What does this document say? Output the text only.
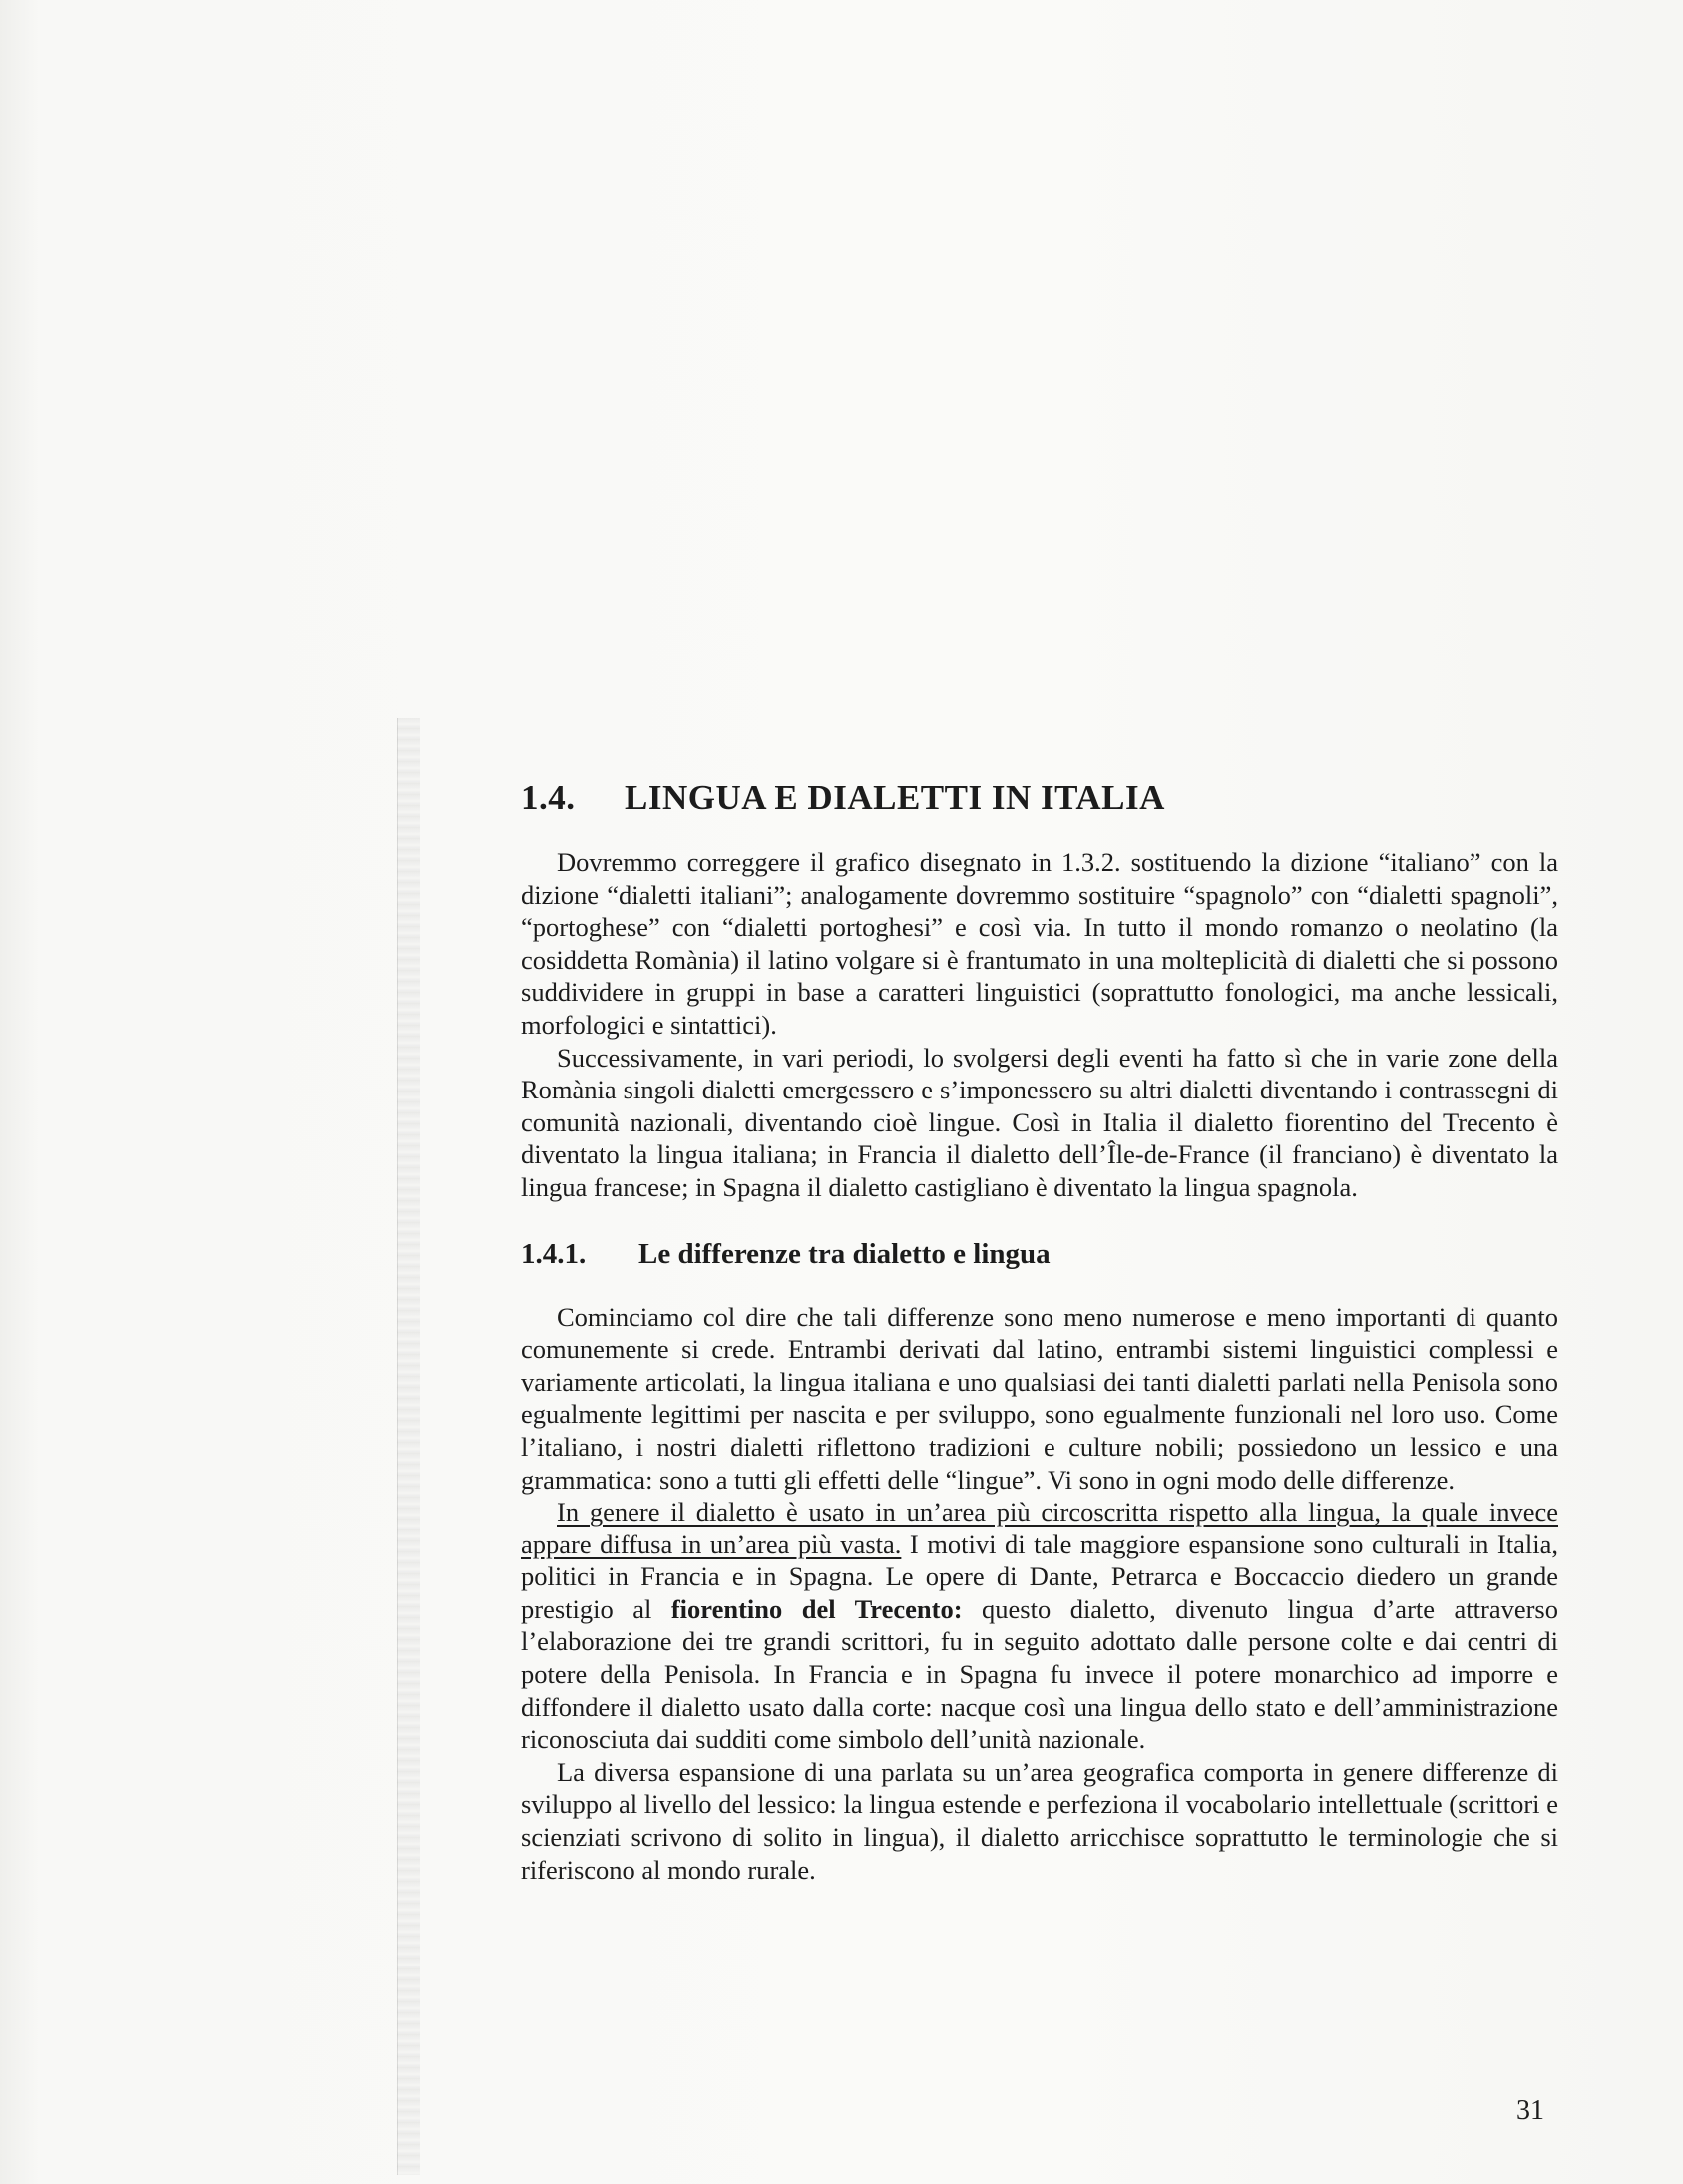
1.4. LINGUA E DIALETTI IN ITALIA

Dovremmo correggere il grafico disegnato in 1.3.2. sostituendo la dizione “italiano” con la dizione “dialetti italiani”; analogamente dovremmo sostituire “spagnolo” con “dialetti spagnoli”, “portoghese” con “dialetti portoghesi” e così via. In tutto il mondo romanzo o neolatino (la cosiddetta Romània) il latino volgare si è frantumato in una molteplicità di dialetti che si possono suddividere in gruppi in base a caratteri linguistici (soprattutto fonologici, ma anche lessicali, morfologici e sintattici).

Successivamente, in vari periodi, lo svolgersi degli eventi ha fatto sì che in varie zone della Romània singoli dialetti emergessero e s’imponessero su altri dialetti diventando i contrassegni di comunità nazionali, diventando cioè lingue. Così in Italia il dialetto fiorentino del Trecento è diventato la lingua italiana; in Francia il dialetto dell’Île-de-France (il franciano) è diventato la lingua francese; in Spagna il dialetto castigliano è diventato la lingua spagnola.

1.4.1. Le differenze tra dialetto e lingua

Cominciamo col dire che tali differenze sono meno numerose e meno importanti di quanto comunemente si crede. Entrambi derivati dal latino, entrambi sistemi linguistici complessi e variamente articolati, la lingua italiana e uno qualsiasi dei tanti dialetti parlati nella Penisola sono egualmente legittimi per nascita e per sviluppo, sono egualmente funzionali nel loro uso. Come l’italiano, i nostri dialetti riflettono tradizioni e culture nobili; possiedono un lessico e una grammatica: sono a tutti gli effetti delle “lingue”. Vi sono in ogni modo delle differenze.

In genere il dialetto è usato in un’area più circoscritta rispetto alla lingua, la quale invece appare diffusa in un’area più vasta. I motivi di tale maggiore espansione sono culturali in Italia, politici in Francia e in Spagna. Le opere di Dante, Petrarca e Boccaccio diedero un grande prestigio al fiorentino del Trecento: questo dialetto, divenuto lingua d’arte attraverso l’elaborazione dei tre grandi scrittori, fu in seguito adottato dalle persone colte e dai centri di potere della Penisola. In Francia e in Spagna fu invece il potere monarchico ad imporre e diffondere il dialetto usato dalla corte: nacque così una lingua dello stato e dell’amministrazione riconosciuta dai sudditi come simbolo dell’unità nazionale.

La diversa espansione di una parlata su un’area geografica comporta in genere differenze di sviluppo al livello del lessico: la lingua estende e perfeziona il vocabolario intellettuale (scrittori e scienziati scrivono di solito in lingua), il dialetto arricchisce soprattutto le terminologie che si riferiscono al mondo rurale.

31
